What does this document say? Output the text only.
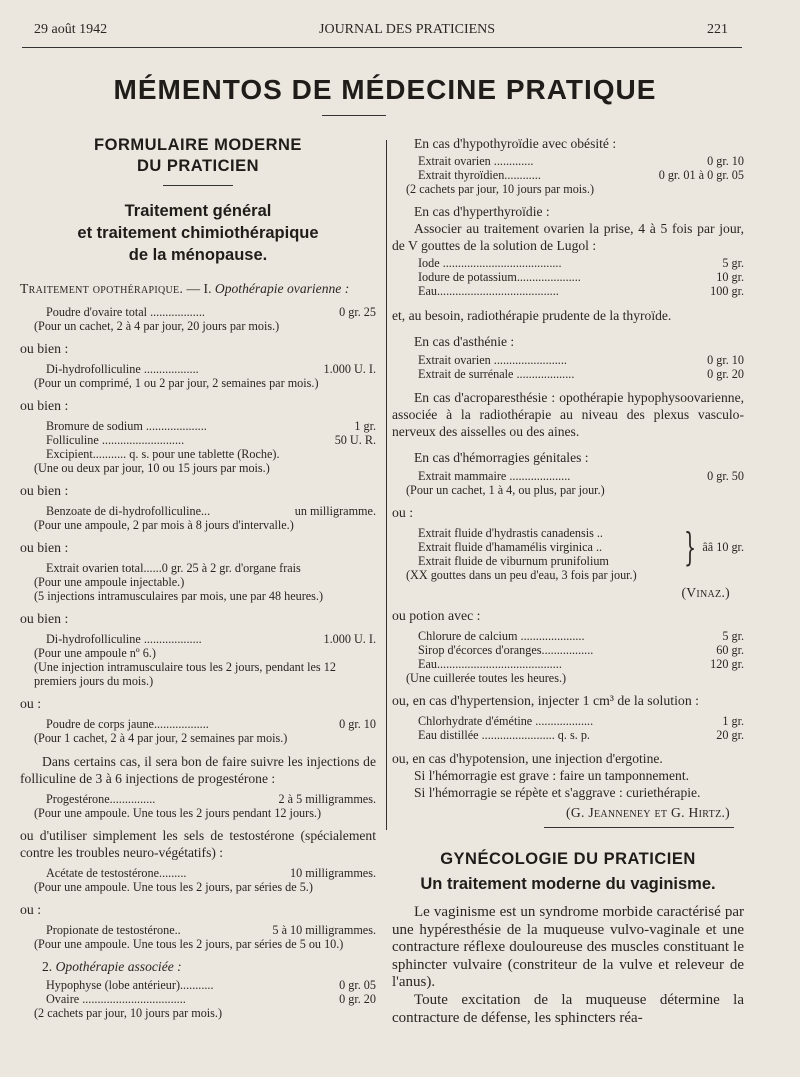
29 août 1942	JOURNAL DES PRATICIENS	221
MÉMENTOS DE MÉDECINE PRATIQUE
FORMULAIRE MODERNE
DU PRATICIEN
Traitement général
et traitement chimiothérapique
de la ménopause.

Traitement opothérapique. — I. Opothérapie ovarienne :

Poudre d'ovaire total ..................	0 gr. 25
(Pour un cachet, 2 à 4 par jour, 20 jours par mois.)
ou bien :
Di-hydrofolliculine ..................	1.000 U. I.
(Pour un comprimé, 1 ou 2 par jour, 2 semaines par mois.)
ou bien :
Bromure de sodium ....................	1 gr.
Folliculine ...........................	50 U. R.
Excipient........... q. s. pour une tablette (Roche).
(Une ou deux par jour, 10 ou 15 jours par mois.)
ou bien :
Benzoate de di-hydrofolliculine...	un milligramme.
(Pour une ampoule, 2 par mois à 8 jours d'intervalle.)
ou bien :
Extrait ovarien total......0 gr. 25 à 2 gr. d'organe frais
(Pour une ampoule injectable.)
(5 injections intramusculaires par mois, une par 48 heures.)
ou bien :
Di-hydrofolliculine ...................	1.000 U. I.
(Pour une ampoule nº 6.)
(Une injection intramusculaire tous les 2 jours, pendant les 12 premiers jours du mois.)
ou :
Poudre de corps jaune..................	0 gr. 10
(Pour 1 cachet, 2 à 4 par jour, 2 semaines par mois.)

Dans certains cas, il sera bon de faire suivre les injections de folliculine de 3 à 6 injections de progestérone :

Progestérone...............	2 à 5 milligrammes.
(Pour une ampoule. Une tous les 2 jours pendant 12 jours.)

ou d'utiliser simplement les sels de testostérone (spécialement contre les troubles neuro-végétatifs) :

Acétate de testostérone.........	10 milligrammes.
(Pour une ampoule. Une tous les 2 jours, par séries de 5.)
ou :
Propionate de testostérone..	5 à 10 milligrammes.
(Pour une ampoule. Une tous les 2 jours, par séries de 5 ou 10.)

2. Opothérapie associée :

Hypophyse (lobe antérieur)...........	0 gr. 05
Ovaire ..................................	0 gr. 20
(2 cachets par jour, 10 jours par mois.)

En cas d'hypothyroïdie avec obésité :

Extrait ovarien .............	0 gr. 10
Extrait thyroïdien............	0 gr. 01 à 0 gr. 05
(2 cachets par jour, 10 jours par mois.)

En cas d'hyperthyroïdie :

Associer au traitement ovarien la prise, 4 à 5 fois par jour, de V gouttes de la solution de Lugol :

Iode .......................................	5 gr.
Iodure de potassium.....................	10 gr.
Eau........................................	100 gr.

et, au besoin, radiothérapie prudente de la thyroïde.

En cas d'asthénie :

Extrait ovarien ........................	0 gr. 10
Extrait de surrénale ...................	0 gr. 20

En cas d'acroparesthésie : opothérapie hypophysoovarienne, associée à la radiothérapie au niveau des plexus vasculo-nerveux des aisselles ou des aines.

En cas d'hémorragies génitales :

Extrait mammaire ....................	0 gr. 50
(Pour un cachet, 1 à 4, ou plus, par jour.)
ou :
Extrait fluide d'hydrastis canadensis ..
Extrait fluide d'hamamélis virginica ..
Extrait fluide de viburnum prunifolium	} ââ 10 gr.
(XX gouttes dans un peu d'eau, 3 fois par jour.)
(Vinaz.)
ou potion avec :
Chlorure de calcium .....................	5 gr.
Sirop d'écorces d'oranges.................	60 gr.
Eau.........................................	120 gr.
(Une cuillerée toutes les heures.)
ou, en cas d'hypertension, injecter 1 cm³ de la solution :
Chlorhydrate d'émétine ...................	1 gr.
Eau distillée ........................ q. s. p.	20 gr.

ou, en cas d'hypotension, une injection d'ergotine.

Si l'hémorragie est grave : faire un tamponnement.

Si l'hémorragie se répète et s'aggrave : curiethérapie.

(G. Jeanneney et G. Hirtz.)
GYNÉCOLOGIE DU PRATICIEN
Un traitement moderne du vaginisme.

Le vaginisme est un syndrome morbide caractérisé par une hypéresthésie de la muqueuse vulvo-vaginale et une contracture réflexe douloureuse des muscles constituant le sphincter vulvaire (constriteur de la vulve et releveur de l'anus).

Toute excitation de la muqueuse détermine la contracture de défense, les sphincters réa-
